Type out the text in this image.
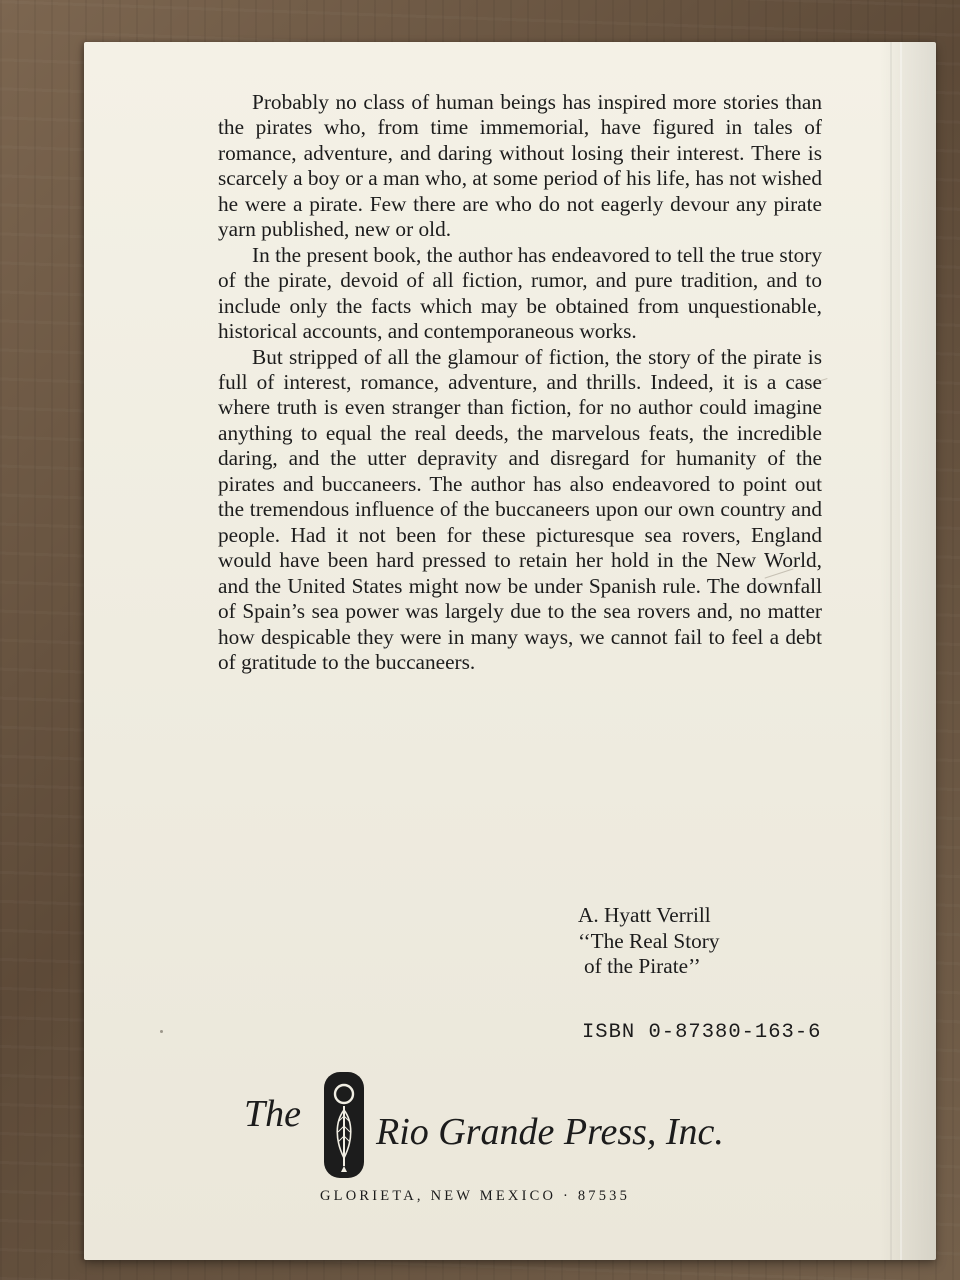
Probably no class of human beings has inspired more stories than the pirates who, from time immemorial, have figured in tales of romance, adventure, and daring without losing their interest. There is scarcely a boy or a man who, at some period of his life, has not wished he were a pirate. Few there are who do not eagerly devour any pirate yarn published, new or old.

In the present book, the author has endeavored to tell the true story of the pirate, devoid of all fiction, rumor, and pure tradition, and to include only the facts which may be obtained from unquestionable, historical accounts, and contemporaneous works.

But stripped of all the glamour of fiction, the story of the pirate is full of interest, romance, adventure, and thrills. Indeed, it is a case where truth is even stranger than fiction, for no author could imagine anything to equal the real deeds, the marvelous feats, the incredible daring, and the utter depravity and disregard for humanity of the pirates and buccaneers. The author has also endeavored to point out the tremendous influence of the buccaneers upon our own country and people. Had it not been for these picturesque sea rovers, England would have been hard pressed to retain her hold in the New World, and the United States might now be under Spanish rule. The downfall of Spain’s sea power was largely due to the sea rovers and, no matter how despicable they were in many ways, we cannot fail to feel a debt of gratitude to the buccaneers.

A. Hyatt Verrill
‘‘The Real Story
of the Pirate’’
ISBN 0-87380-163-6
The Rio Grande Press, Inc.
GLORIETA, NEW MEXICO · 87535
